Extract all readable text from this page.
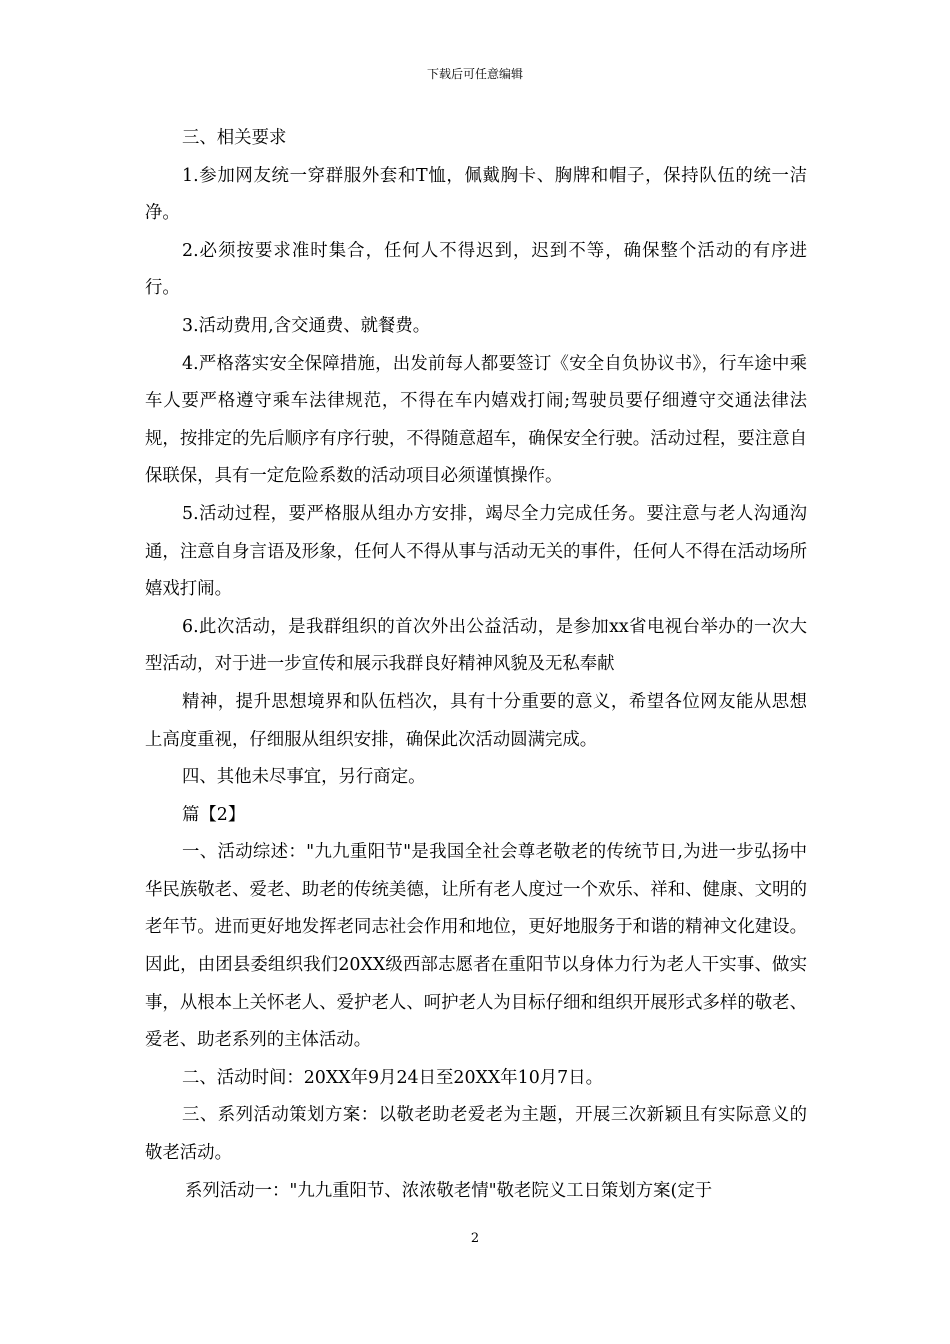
下载后可任意编辑

三、相关要求

1.参加网友统一穿群服外套和T恤，佩戴胸卡、胸牌和帽子，保持队伍的统一洁净。

2.必须按要求准时集合，任何人不得迟到，迟到不等，确保整个活动的有序进行。

3.活动费用,含交通费、就餐费。

4.严格落实安全保障措施，出发前每人都要签订《安全自负协议书》，行车途中乘车人要严格遵守乘车法律规范，不得在车内嬉戏打闹;驾驶员要仔细遵守交通法律法规，按排定的先后顺序有序行驶，不得随意超车，确保安全行驶。活动过程，要注意自保联保，具有一定危险系数的活动项目必须谨慎操作。

5.活动过程，要严格服从组办方安排，竭尽全力完成任务。要注意与老人沟通沟通，注意自身言语及形象，任何人不得从事与活动无关的事件，任何人不得在活动场所嬉戏打闹。

6.此次活动，是我群组织的首次外出公益活动，是参加xx省电视台举办的一次大型活动，对于进一步宣传和展示我群良好精神风貌及无私奉献

精神，提升思想境界和队伍档次，具有十分重要的意义，希望各位网友能从思想上高度重视，仔细服从组织安排，确保此次活动圆满完成。

四、其他未尽事宜，另行商定。

篇【2】

一、活动综述："九九重阳节"是我国全社会尊老敬老的传统节日,为进一步弘扬中华民族敬老、爱老、助老的传统美德，让所有老人度过一个欢乐、祥和、健康、文明的老年节。进而更好地发挥老同志社会作用和地位，更好地服务于和谐的精神文化建设。因此，由团县委组织我们20XX级西部志愿者在重阳节以身体力行为老人干实事、做实事，从根本上关怀老人、爱护老人、呵护老人为目标仔细和组织开展形式多样的敬老、爱老、助老系列的主体活动。

二、活动时间：20XX年9月24日至20XX年10月7日。

三、系列活动策划方案：以敬老助老爱老为主题，开展三次新颖且有实际意义的敬老活动。

系列活动一："九九重阳节、浓浓敬老情"敬老院义工日策划方案(定于

2
